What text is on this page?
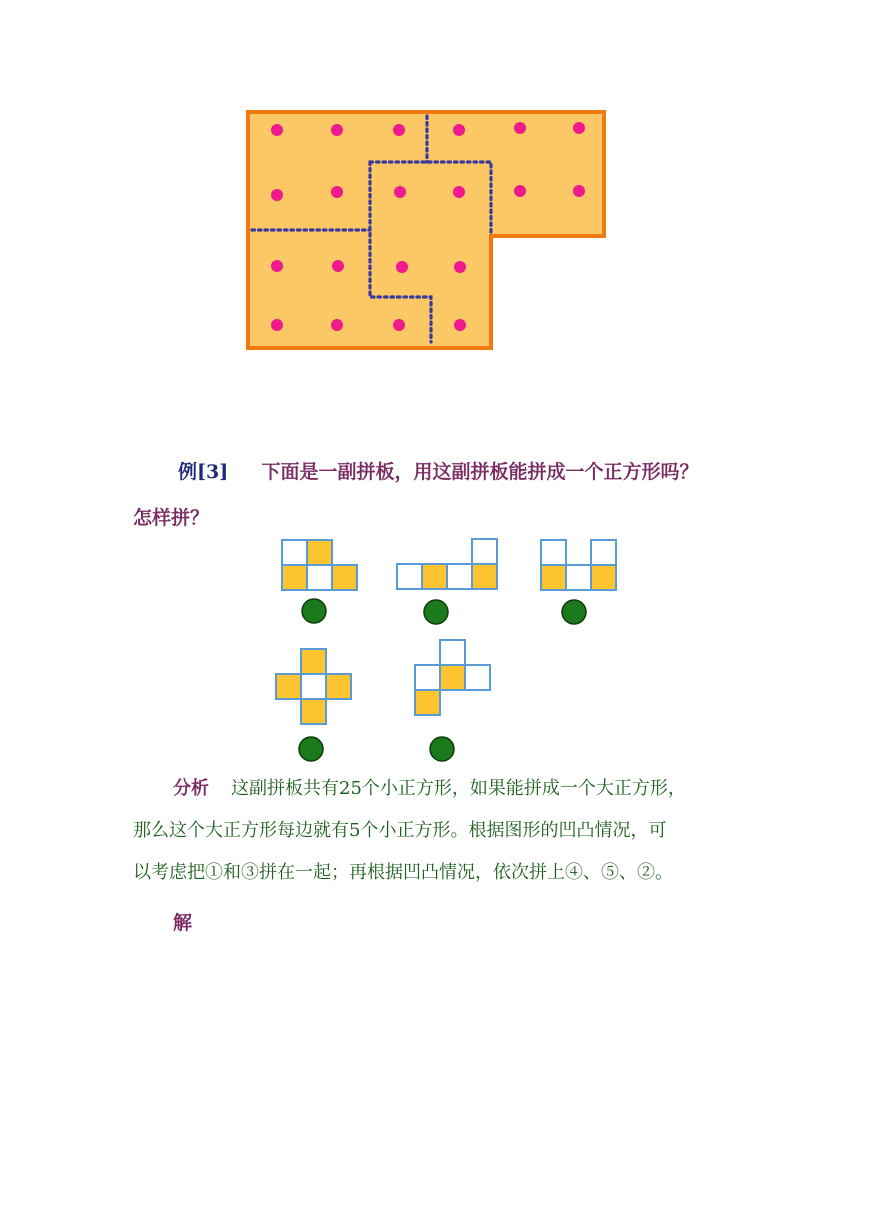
例[3] 下面是一副拼板，用这副拼板能拼成一个正方形吗？
怎样拼？
分析 这副拼板共有25个小正方形，如果能拼成一个大正方形，
那么这个大正方形每边就有5个小正方形。根据图形的凹凸情况，可
以考虑把①和③拼在一起；再根据凹凸情况，依次拼上④、⑤、②。
解
